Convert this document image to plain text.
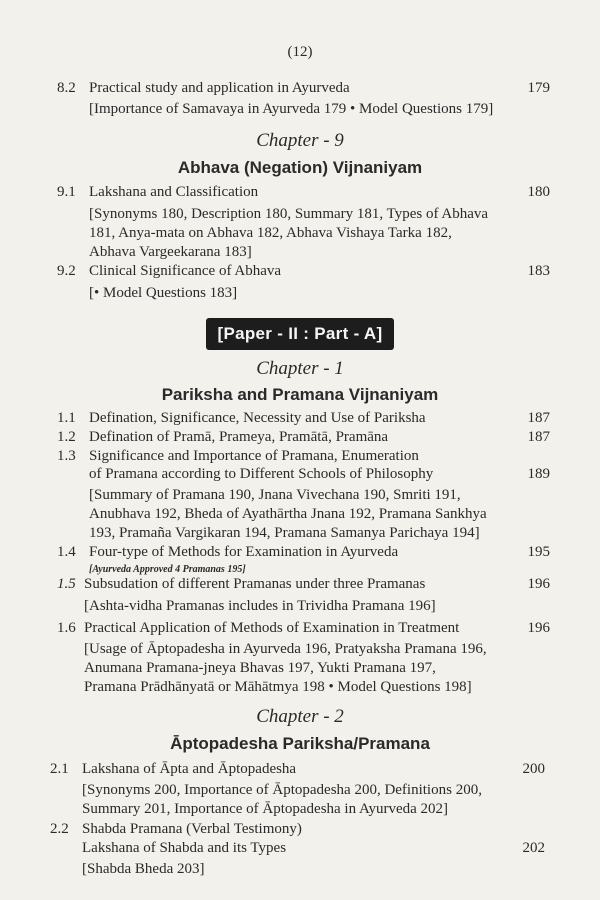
(12)
8.2 Practical study and application in Ayurveda	179
[Importance of Samavaya in Ayurveda 179 • Model Questions 179]
Chapter - 9
Abhava (Negation) Vijnaniyam
9.1 Lakshana and Classification	180
[Synonyms 180, Description 180, Summary 181, Types of Abhava
181, Anya-mata on Abhava 182, Abhava Vishaya Tarka 182,
Abhava Vargeekarana 183]
9.2 Clinical Significance of Abhava	183
[• Model Questions 183]
[Paper - II : Part - A]
Chapter - 1
Pariksha and Pramana Vijnaniyam
1.1 Defination, Significance, Necessity and Use of Pariksha	187
1.2 Defination of Pramā, Prameya, Pramātā, Pramāna	187
1.3 Significance and Importance of Pramana, Enumeration
of Pramana according to Different Schools of Philosophy	189
[Summary of Pramana 190, Jnana Vivechana 190, Smriti 191,
Anubhava 192, Bheda of Ayathārtha Jnana 192, Pramana Sankhya
193, Pramaña Vargikaran 194, Pramana Samanya Parichaya 194]
1.4 Four-type of Methods for Examination in Ayurveda	195
[Ayurveda Approved 4 Pramanas 195]
1.5 Subsudation of different Pramanas under three Pramanas	196
[Ashta-vidha Pramanas includes in Trividha Pramana 196]
1.6 Practical Application of Methods of Examination in Treatment	196
[Usage of Āptopadesha in Ayurveda 196, Pratyaksha Pramana 196,
Anumana Pramana-jneya Bhavas 197, Yukti Pramana 197,
Pramana Prādhānyatā or Māhātmya 198 • Model Questions 198]
Chapter - 2
Āptopadesha Pariksha/Pramana
2.1 Lakshana of Āpta and Āptopadesha	200
[Synonyms 200, Importance of Āptopadesha 200, Definitions 200,
Summary 201, Importance of Āptopadesha in Ayurveda 202]
2.2 Shabda Pramana (Verbal Testimony)
Lakshana of Shabda and its Types	202
[Shabda Bheda 203]
